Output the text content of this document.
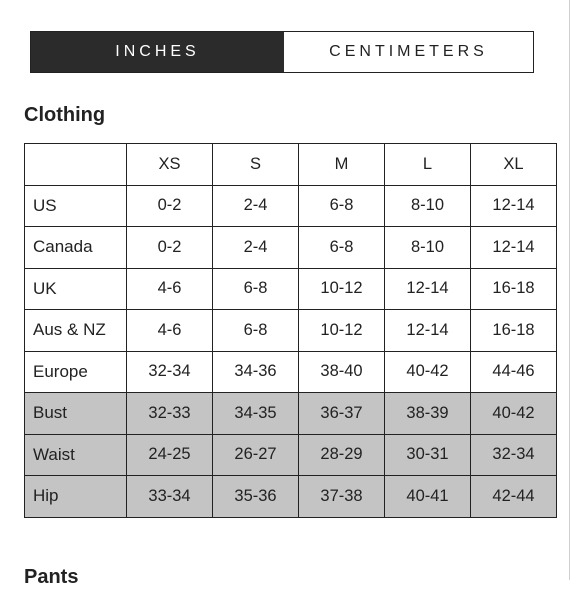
INCHES	CENTIMETERS
Clothing
	XS	S	M	L	XL
US	0-2	2-4	6-8	8-10	12-14
Canada	0-2	2-4	6-8	8-10	12-14
UK	4-6	6-8	10-12	12-14	16-18
Aus & NZ	4-6	6-8	10-12	12-14	16-18
Europe	32-34	34-36	38-40	40-42	44-46
Bust	32-33	34-35	36-37	38-39	40-42
Waist	24-25	26-27	28-29	30-31	32-34
Hip	33-34	35-36	37-38	40-41	42-44
Pants
